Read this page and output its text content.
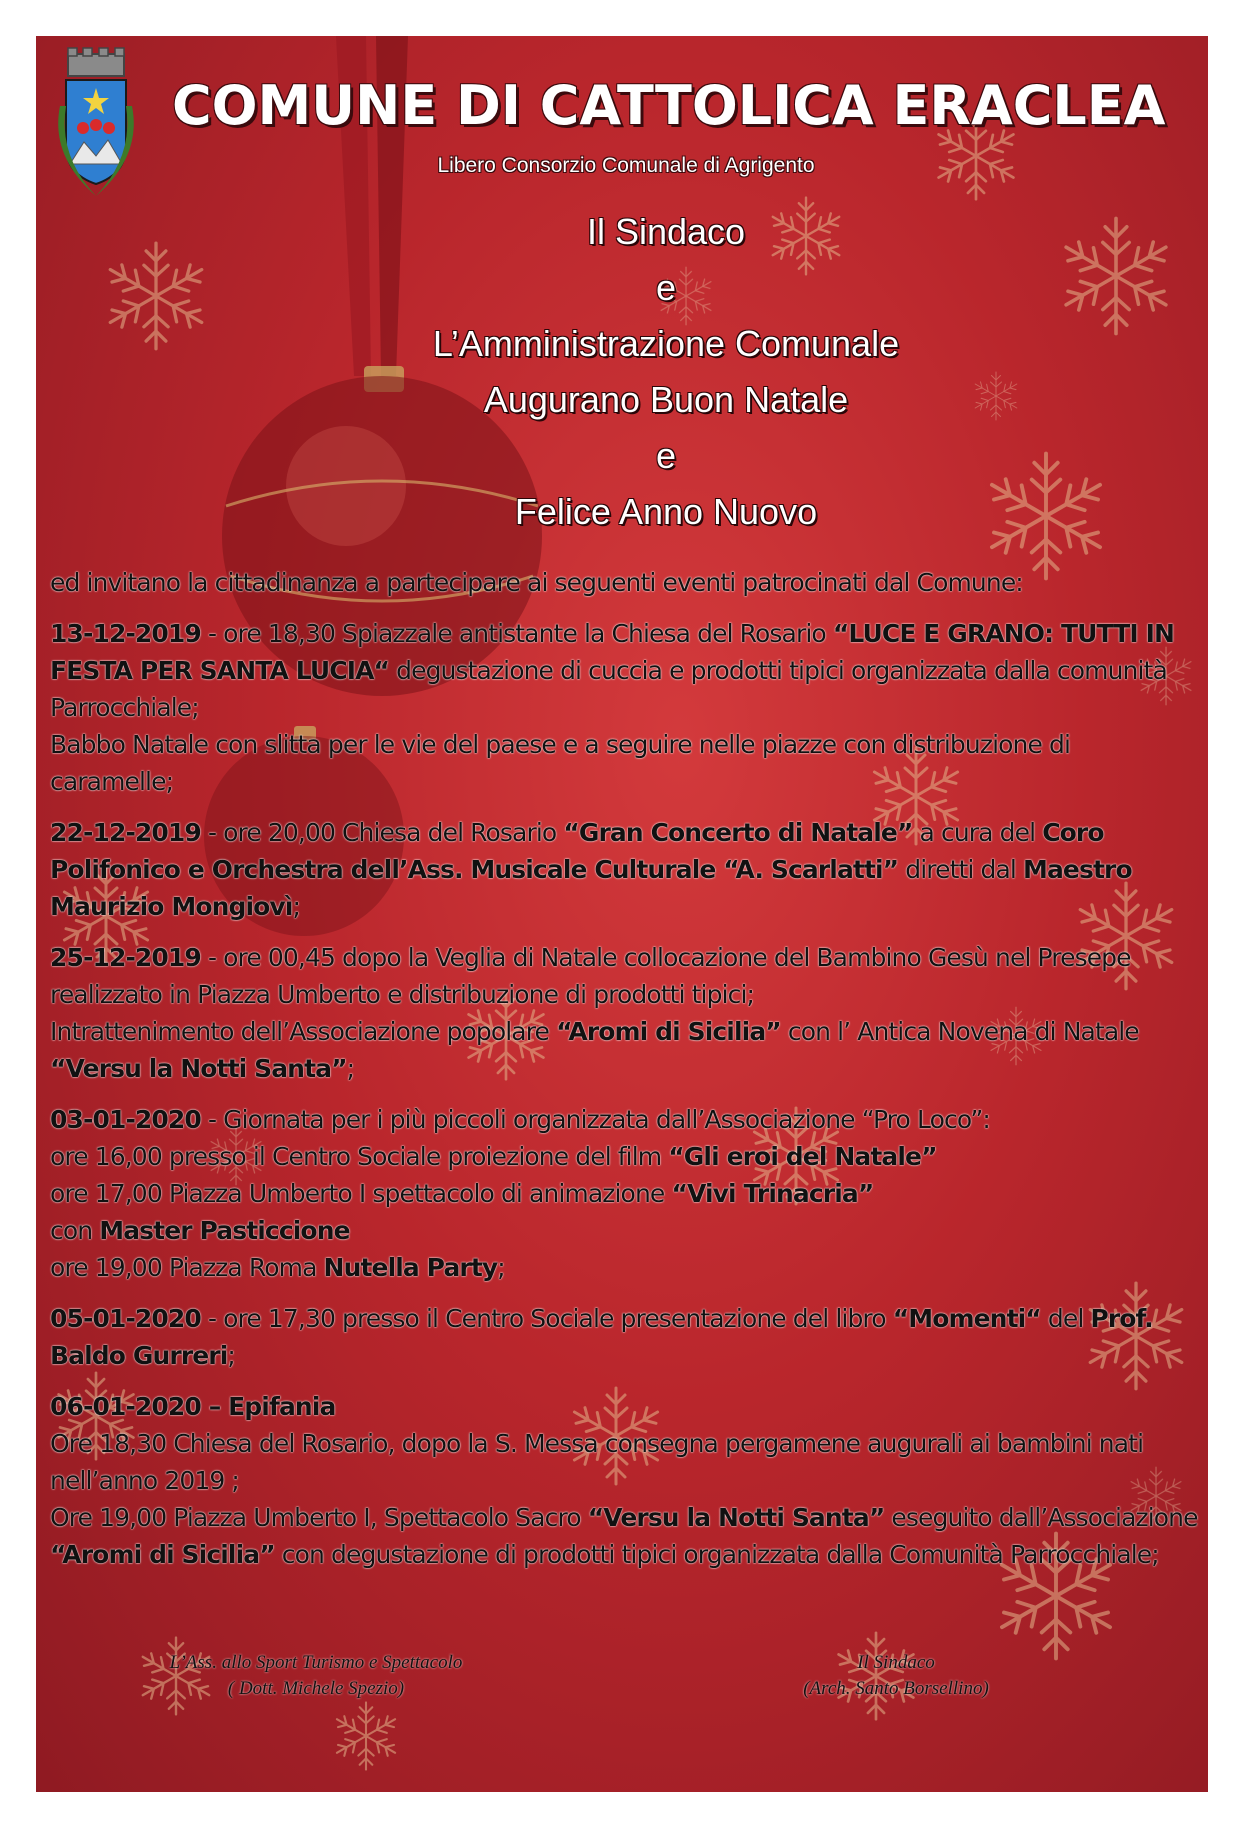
COMUNE DI CATTOLICA ERACLEA
Libero Consorzio Comunale di Agrigento
Il Sindaco
e
L’Amministrazione Comunale
Augurano Buon Natale
e
Felice Anno Nuovo

ed invitano la cittadinanza a partecipare ai seguenti eventi patrocinati dal Comune:

13-12-2019 - ore 18,30 Spiazzale antistante la Chiesa del Rosario “LUCE E GRANO: TUTTI IN FESTA PER SANTA LUCIA“ degustazione di cuccia e prodotti tipici organizzata dalla comunità Parrocchiale;

Babbo Natale con slitta per le vie del paese e a seguire nelle piazze con distribuzione di caramelle;

22-12-2019 - ore 20,00 Chiesa del Rosario “Gran Concerto di Natale” a cura del Coro Polifonico e Orchestra dell’Ass. Musicale Culturale “A. Scarlatti” diretti dal Maestro Maurizio Mongiovì;

25-12-2019 - ore 00,45 dopo la Veglia di Natale collocazione del Bambino Gesù nel Presepe realizzato in Piazza Umberto e distribuzione di prodotti tipici;

Intrattenimento dell’Associazione popolare “Aromi di Sicilia” con l’ Antica Novena di Natale “Versu la Notti Santa”;

03-01-2020 - Giornata per i più piccoli organizzata dall’Associazione “Pro Loco”:

ore 16,00 presso il Centro Sociale proiezione del film “Gli eroi del Natale”

ore 17,00 Piazza Umberto I spettacolo di animazione “Vivi Trinacria”

con Master Pasticcione

ore 19,00 Piazza Roma Nutella Party;

05-01-2020 - ore 17,30 presso il Centro Sociale presentazione del libro “Momenti“ del Prof. Baldo Gurreri;

06-01-2020 – Epifania

Ore 18,30 Chiesa del Rosario, dopo la S. Messa consegna pergamene augurali ai bambini nati nell’anno 2019 ;

Ore 19,00 Piazza Umberto I, Spettacolo Sacro “Versu la Notti Santa” eseguito dall’Associazione “Aromi di Sicilia” con degustazione di prodotti tipici organizzata dalla Comunità Parrocchiale;

L’Ass. allo Sport Turismo e Spettacolo
( Dott. Michele Spezio)
Il Sindaco
(Arch. Santo Borsellino)
